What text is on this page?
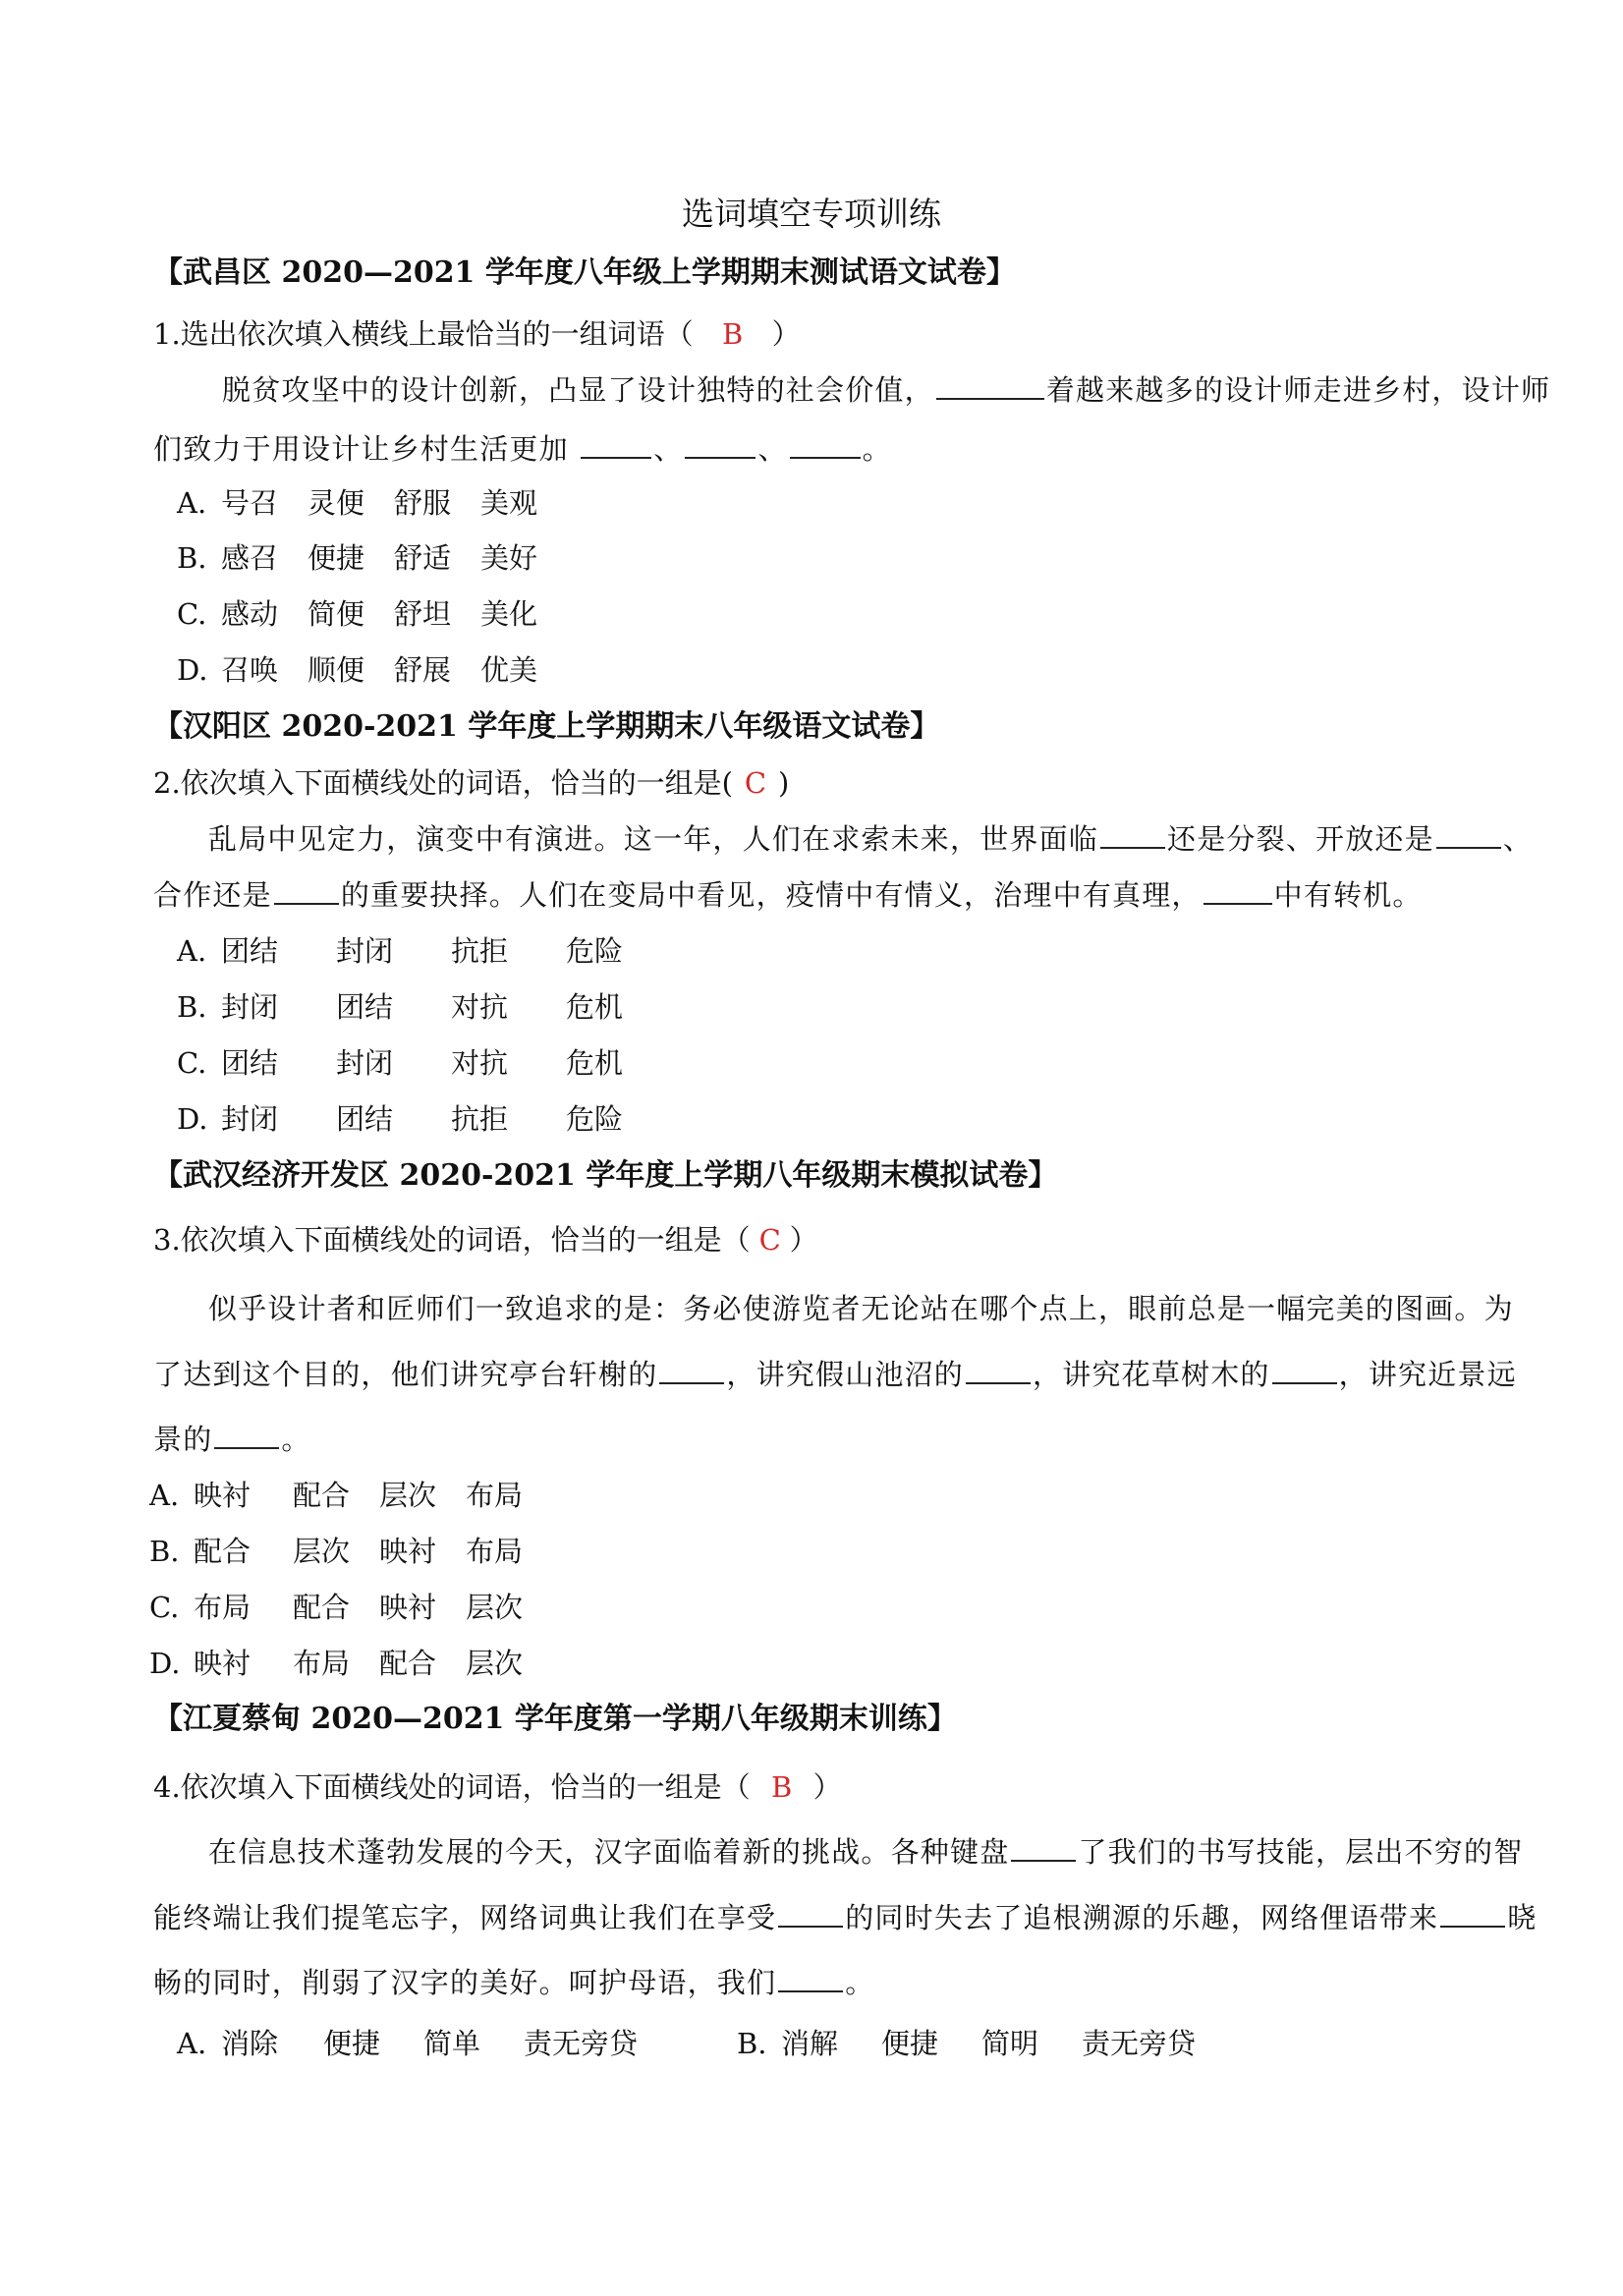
选词填空专项训练
【武昌区 2020—2021 学年度八年级上学期期末测试语文试卷】
1.选出依次填入横线上最恰当的一组词语（ B ）
脱贫攻坚中的设计创新，凸显了设计独特的社会价值，	着越来越多的设计师走进乡村，设计师
们致力于用设计让乡村生活更加	、	、	。
A. 号召 灵便 舒服 美观
B. 感召 便捷 舒适 美好
C. 感动 简便 舒坦 美化
D. 召唤 顺便 舒展 优美
【汉阳区 2020-2021 学年度上学期期末八年级语文试卷】
2.依次填入下面横线处的词语，恰当的一组是( C )
乱局中见定力，演变中有演进。这一年，人们在求索未来，世界面临 还是分裂、开放还是 、
合作还是 的重要抉择。人们在变局中看见，疫情中有情义，治理中有真理，	中有转机。
A. 团结 封闭 抗拒 危险
B. 封闭 团结 对抗 危机
C. 团结 封闭 对抗 危机
D. 封闭 团结 抗拒 危险
【武汉经济开发区 2020-2021 学年度上学期八年级期末模拟试卷】
3.依次填入下面横线处的词语，恰当的一组是（ C ）
似乎设计者和匠师们一致追求的是：务必使游览者无论站在哪个点上，眼前总是一幅完美的图画。为
了达到这个目的，他们讲究亭台轩榭的 ，讲究假山池沼的 ，讲究花草树木的 ，讲究近景远
景的 。
A. 映衬 配合 层次 布局
B. 配合 层次 映衬 布局
C. 布局 配合 映衬 层次
D. 映衬 布局 配合 层次
【江夏蔡甸 2020—2021 学年度第一学期八年级期末训练】
4.依次填入下面横线处的词语，恰当的一组是（ B ）
在信息技术蓬勃发展的今天，汉字面临着新的挑战。各种键盘 了我们的书写技能，层出不穷的智
能终端让我们提笔忘字，网络词典让我们在享受 的同时失去了追根溯源的乐趣，网络俚语带来 晓
畅的同时，削弱了汉字的美好。呵护母语，我们 。
A. 消除 便捷 简单 责无旁贷	B. 消解 便捷 简明 责无旁贷
